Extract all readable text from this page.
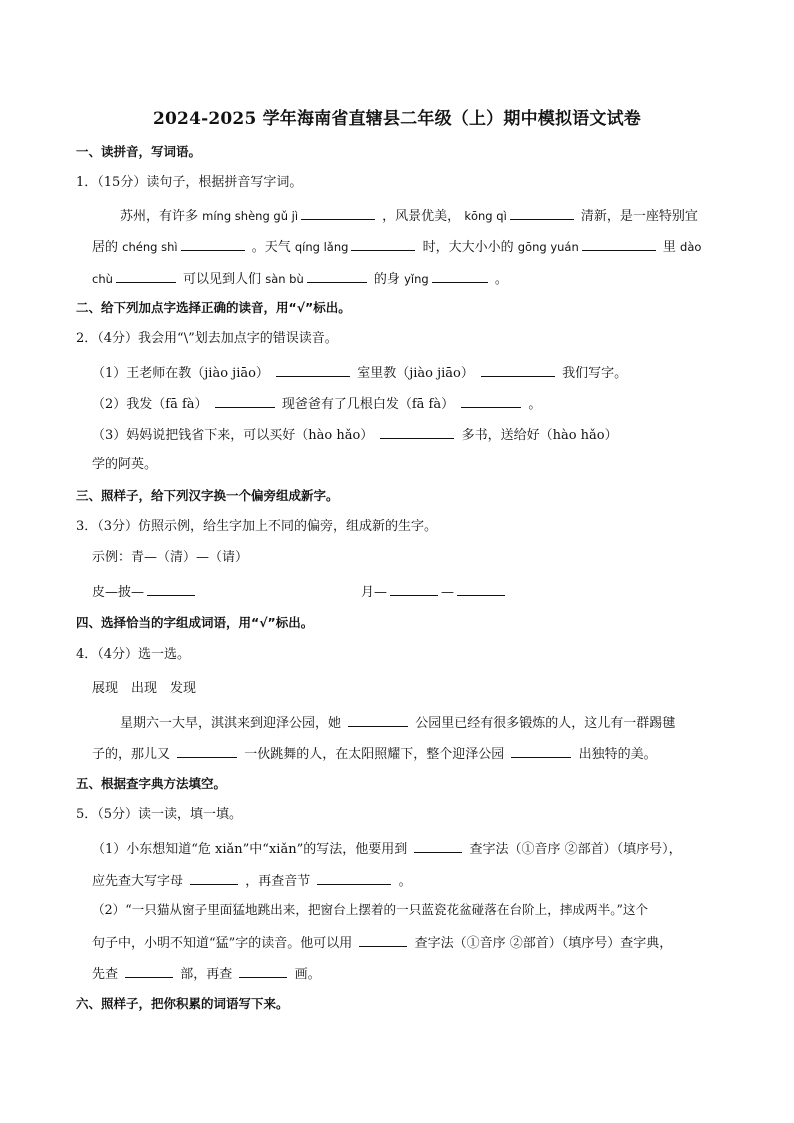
2024-2025 学年海南省直辖县二年级（上）期中模拟语文试卷
一、读拼音，写词语。
1．（15分）读句子，根据拼音写字词。
苏州，有许多 míng shèng gǔ jì	，风景优美， kōng qì	清新，是一座特别宜
居的 chéng shì	。天气 qíng lǎng	时，大大小小的 gōng yuán	里 dào
chù	可以见到人们 sàn bù	的身 yǐng	。
二、给下列加点字选择正确的读音，用“√”标出。
2．（4分）我会用“\”划去加点字的错误读音。
（1）王老师在教（jiào jiāo）	室里教（jiào jiāo）	我们写字。
（2）我发（fā fà）	现爸爸有了几根白发（fā fà）	。
（3）妈妈说把钱省下来，可以买好（hào hǎo）	多书，送给好（hào hǎo）
学的阿英。
三、照样子，给下列汉字换一个偏旁组成新字。
3．（3分）仿照示例，给生字加上不同的偏旁，组成新的生字。
示例：青—（清）—（请）
皮—披—	月—	—
四、选择恰当的字组成词语，用“√”标出。
4．（4分）选一选。
展现　出现　发现
星期六一大早，淇淇来到迎泽公园，她	公园里已经有很多锻炼的人，这儿有一群踢毽
子的，那儿又	一伙跳舞的人，在太阳照耀下，整个迎泽公园	出独特的美。
五、根据查字典方法填空。
5．（5分）读一读，填一填。
（1）小东想知道“危 xiǎn”中“xiǎn”的写法，他要用到	查字法（①音序 ②部首）（填序号），
应先查大写字母	，再查音节	。
（2）“一只猫从窗子里面猛地跳出来，把窗台上摆着的一只蓝瓷花盆碰落在台阶上，摔成两半。”这个
句子中，小明不知道“猛”字的读音。他可以用	查字法（①音序 ②部首）（填序号）查字典，
先查	部，再查	画。
六、照样子，把你积累的词语写下来。
